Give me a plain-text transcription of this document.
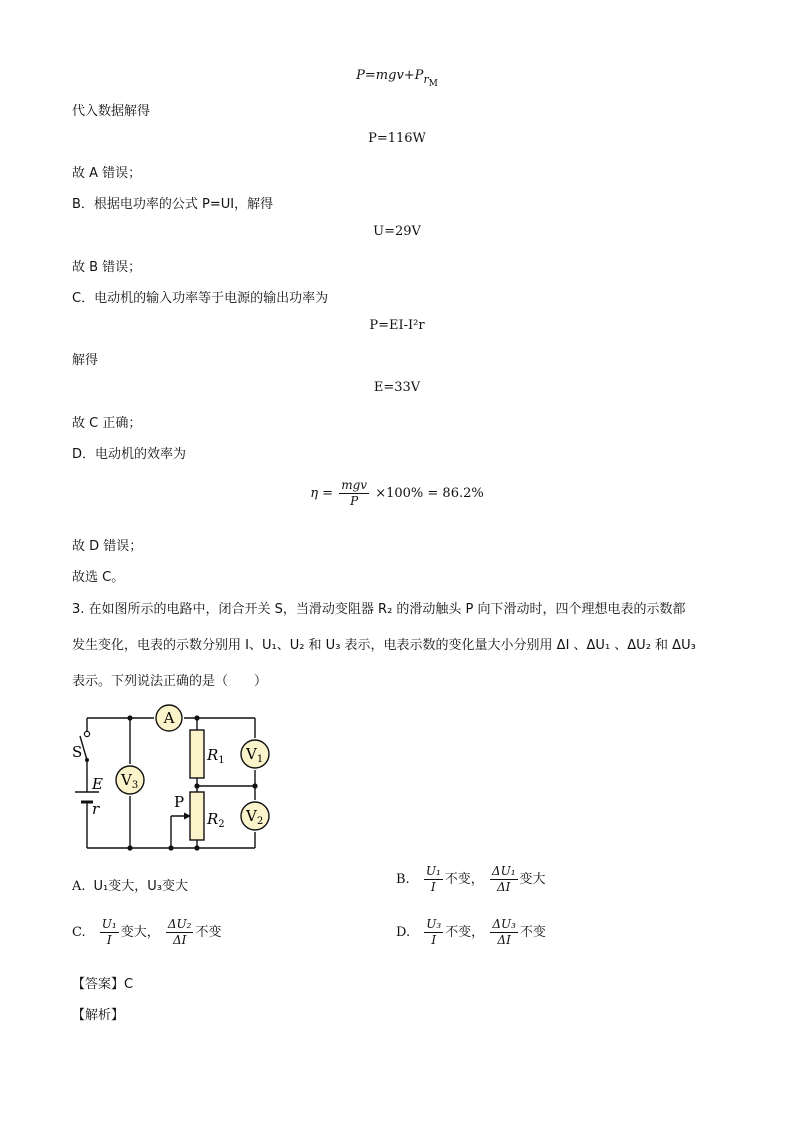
$P=mgv+P_{r_M}$
代入数据解得
P=116W
故 A 错误；
B．根据电功率的公式 P=UI，解得
U=29V
故 B 错误；
C．电动机的输入功率等于电源的输出功率为
P=EI-I²r
解得
E=33V
故 C 正确；
D．电动机的效率为
$\eta = \frac{\text{mgv}}{P} \times 100\% = 86.2\%$
故 D 错误；
故选 C。
3. 在如图所示的电路中，闭合开关 S，当滑动变阻器 R₂ 的滑动触头 P 向下滑动时，四个理想电表的示数都
发生变化，电表的示数分别用 I、U₁、U₂ 和 U₃ 表示，电表示数的变化量大小分别用 ΔI 、ΔU₁ 、ΔU₂ 和 ΔU₃
表示。下列说法正确的是（　　）
A
$V_1$
$V_2$
$V_3$
$R_1$
$R_2$
S
E
r	P
A. U₁变大，U₃变大	B. $\frac{\text{U₁}}{I}$ 不变， $\frac{\text{ΔU₁}}{\Delta I}$ 变大
C. $\frac{\text{U₁}}{I}$ 变大， $\frac{\text{ΔU₂}}{\Delta I}$ 不变	D. $\frac{\text{U₃}}{I}$ 不变， $\frac{\text{ΔU₃}}{\Delta I}$ 不变
【答案】C
【解析】
